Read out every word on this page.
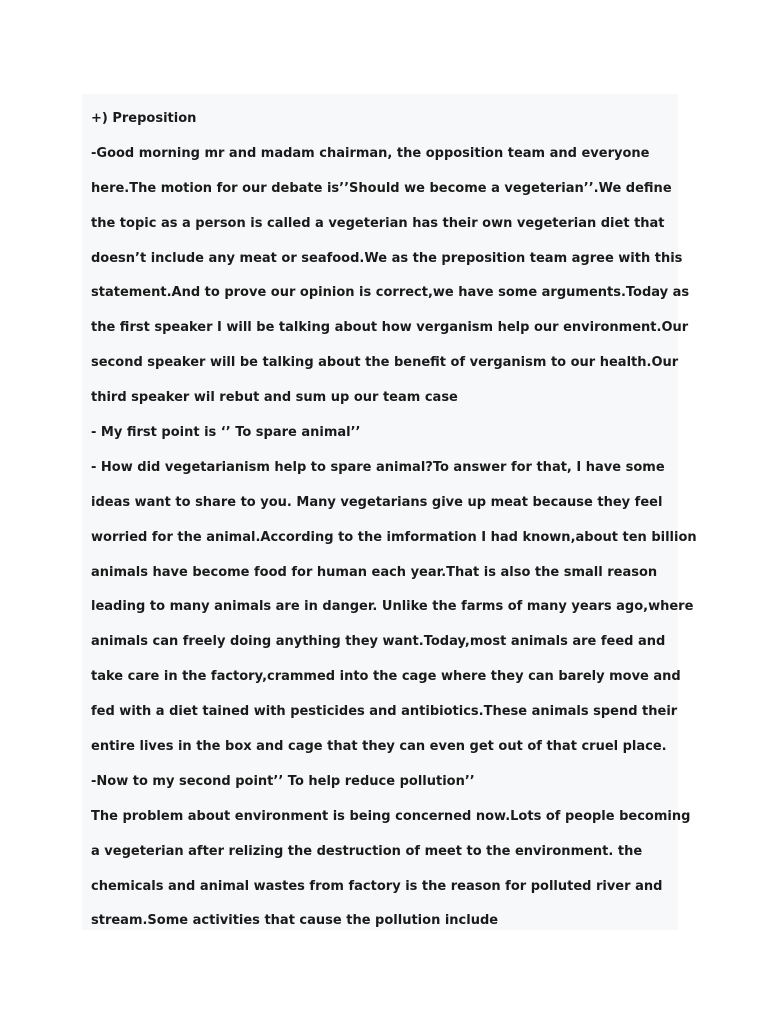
+) Preposition
-Good morning mr and madam chairman, the opposition team and everyone
here.The motion for our debate is’’Should we become a vegeterian’’.We define
the topic as a person is called a vegeterian has their own vegeterian diet that
doesn’t include any meat or seafood.We as the preposition team agree with this
statement.And to prove our opinion is correct,we have some arguments.Today as
the first speaker I will be talking about how verganism help our environment.Our
second speaker will be talking about the benefit of verganism to our health.Our
third speaker wil rebut and sum up our team case
- My first point is ‘’ To spare animal’’
- How did vegetarianism help to spare animal?To answer for that, I have some
ideas want to share to you. Many vegetarians give up meat because they feel
worried for the animal.According to the imformation I had known,about ten billion
animals have become food for human each year.That is also the small reason
leading to many animals are in danger. Unlike the farms of many years ago,where
animals can freely doing anything they want.Today,most animals are feed and
take care in the factory,crammed into the cage where they can barely move and
fed with a diet tained with pesticides and antibiotics.These animals spend their
entire lives in the box and cage that they can even get out of that cruel place.
-Now to my second point’’ To help reduce pollution’’
The problem about environment is being concerned now.Lots of people becoming
a vegeterian after relizing the destruction of meet to the environment. the
chemicals and animal wastes from factory is the reason for polluted river and
stream.Some activities that cause the pollution include
